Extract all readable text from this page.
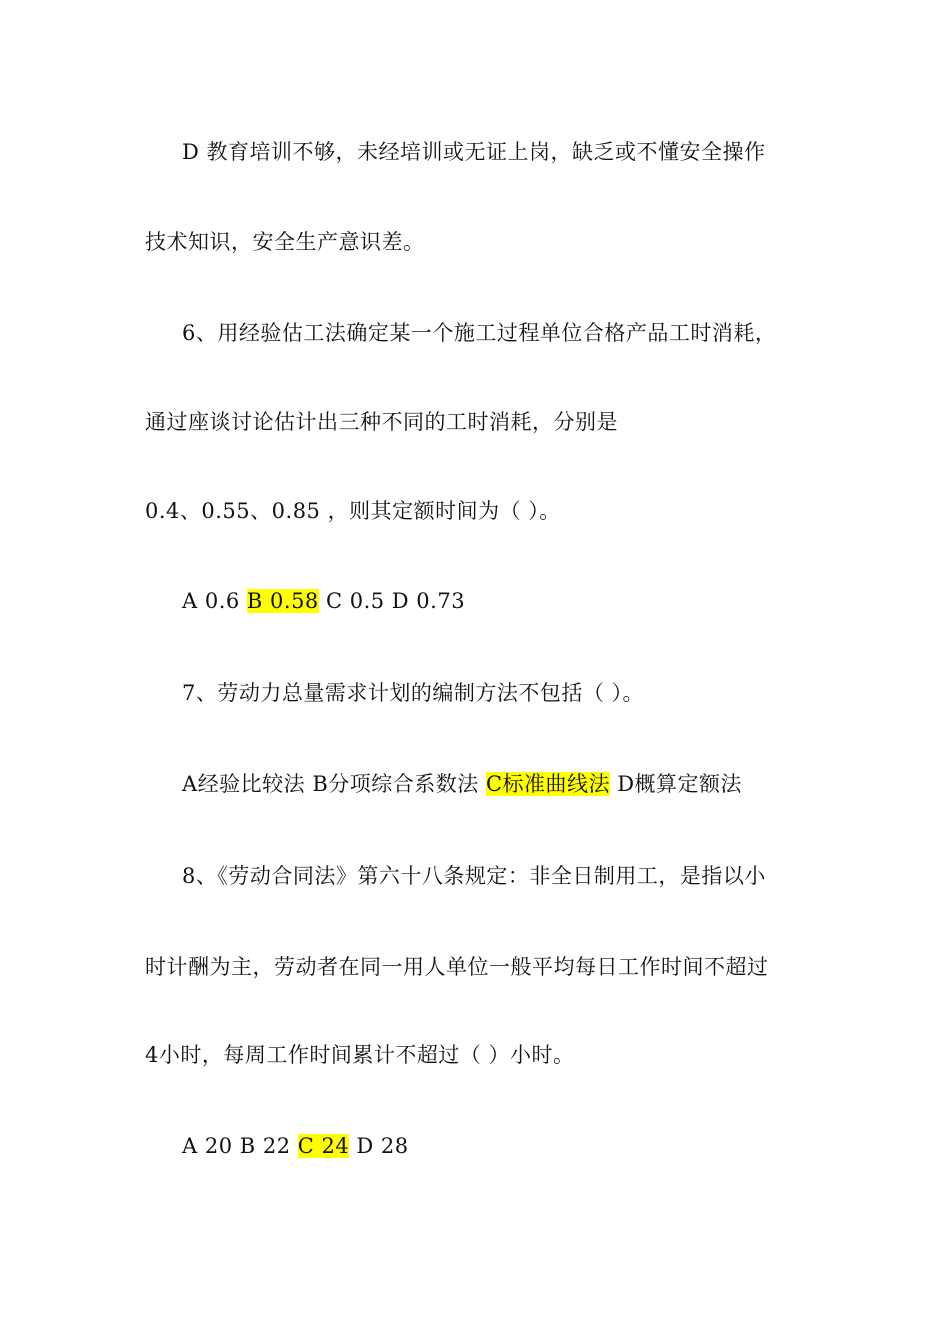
D 教育培训不够，未经培训或无证上岗，缺乏或不懂安全操作
技术知识，安全生产意识差。
6、用经验估工法确定某一个施工过程单位合格产品工时消耗，
通过座谈讨论估计出三种不同的工时消耗，分别是
0.4、0.55、0.85 ，则其定额时间为（ ）。
A 0.6 B 0.58 C 0.5 D 0.73
7、劳动力总量需求计划的编制方法不包括（ ）。
A经验比较法 B分项综合系数法 C标准曲线法 D概算定额法
8、《劳动合同法》第六十八条规定：非全日制用工，是指以小
时计酬为主，劳动者在同一用人单位一般平均每日工作时间不超过
4小时，每周工作时间累计不超过（ ）小时。
A 20 B 22 C 24 D 28
